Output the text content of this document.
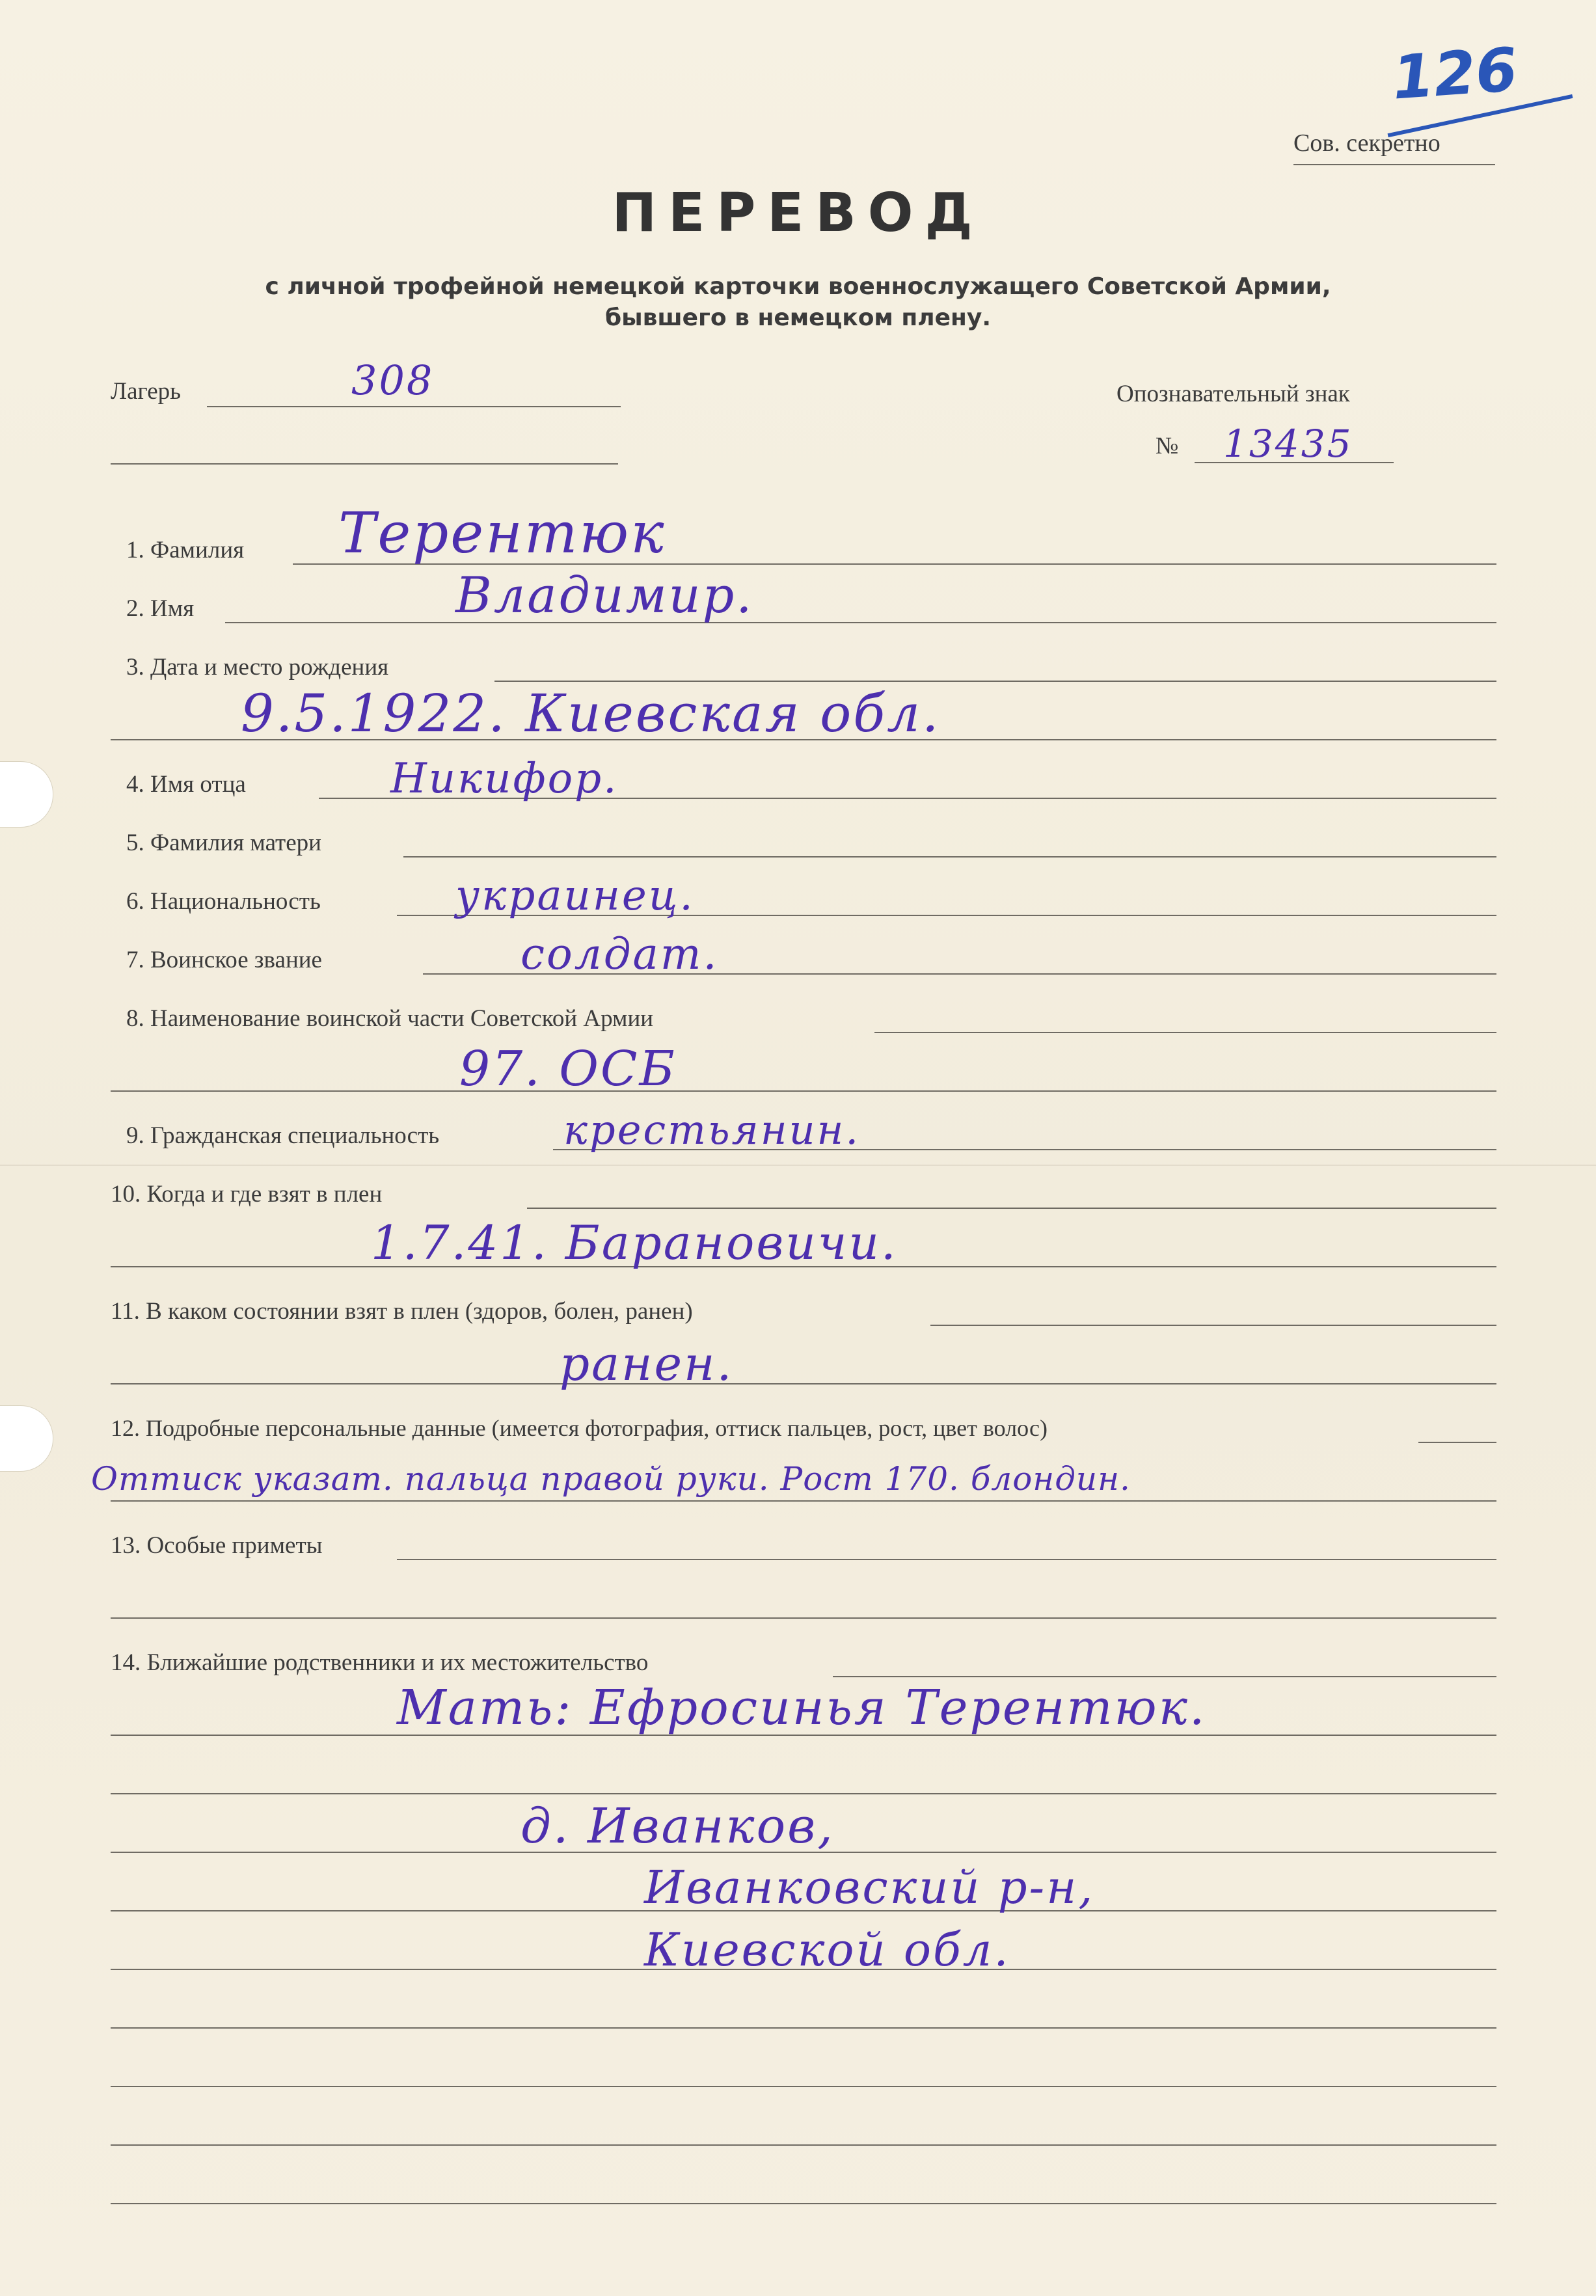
126
Сов. секретно
ПЕРЕВОД
с личной трофейной немецкой карточки военнослужащего Советской Армии,
бывшего в немецком плену.
Лагерь	308	Опознавательный знак
№ 13435
1. Фамилия Терентюк
2. Имя	Владимир.
3. Дата и место рождения
9.5.1922. Киевская обл.
4. Имя отца	Никифор.
5. Фамилия матери
6. Национальность	украинец.
7. Воинское звание	солдат.
8. Наименование воинской части Советской Армии
97. ОСБ
9. Гражданская специальность	крестьянин.
10. Когда и где взят в плен
1.7.41. Барановичи.
11. В каком состоянии взят в плен (здоров, болен, ранен)
ранен.
12. Подробные персональные данные (имеется фотография, оттиск пальцев, рост, цвет волос)
Оттиск указат. пальца правой руки. Рост 170. блондин.
13. Особые приметы
14. Ближайшие родственники и их местожительство
Мать: Ефросинья Терентюк.
д. Иванков,
Иванковский р-н,
Киевской обл.
